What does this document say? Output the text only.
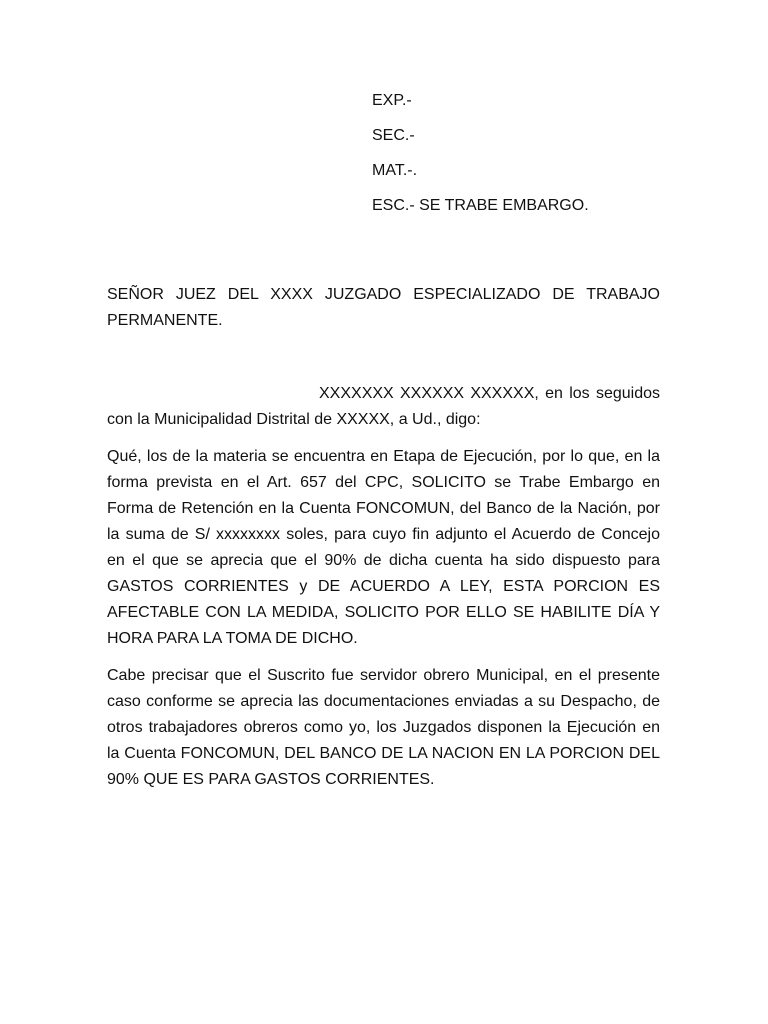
EXP.-

SEC.-

MAT.-.

ESC.- SE TRABE EMBARGO.

SEÑOR JUEZ DEL XXXX JUZGADO ESPECIALIZADO DE TRABAJO PERMANENTE.

XXXXXXX XXXXXX XXXXXX, en los seguidos con la Municipalidad Distrital de XXXXX, a Ud., digo:

Qué, los de la materia se encuentra en Etapa de Ejecución, por lo que, en la forma prevista en el Art. 657 del CPC, SOLICITO se Trabe Embargo en Forma de Retención en la Cuenta FONCOMUN, del Banco de la Nación, por la suma de S/ xxxxxxxx soles, para cuyo fin adjunto el Acuerdo de Concejo en el que se aprecia que el 90% de dicha cuenta ha sido dispuesto para GASTOS CORRIENTES y DE ACUERDO A LEY, ESTA PORCION ES AFECTABLE CON LA MEDIDA, SOLICITO POR ELLO SE HABILITE DÍA Y HORA PARA LA TOMA DE DICHO.

Cabe precisar que el Suscrito fue servidor obrero Municipal, en el presente caso conforme se aprecia las documentaciones enviadas a su Despacho, de otros trabajadores obreros como yo, los Juzgados disponen la Ejecución en la Cuenta FONCOMUN, DEL BANCO DE LA NACION EN LA PORCION DEL 90% QUE ES PARA GASTOS CORRIENTES.
